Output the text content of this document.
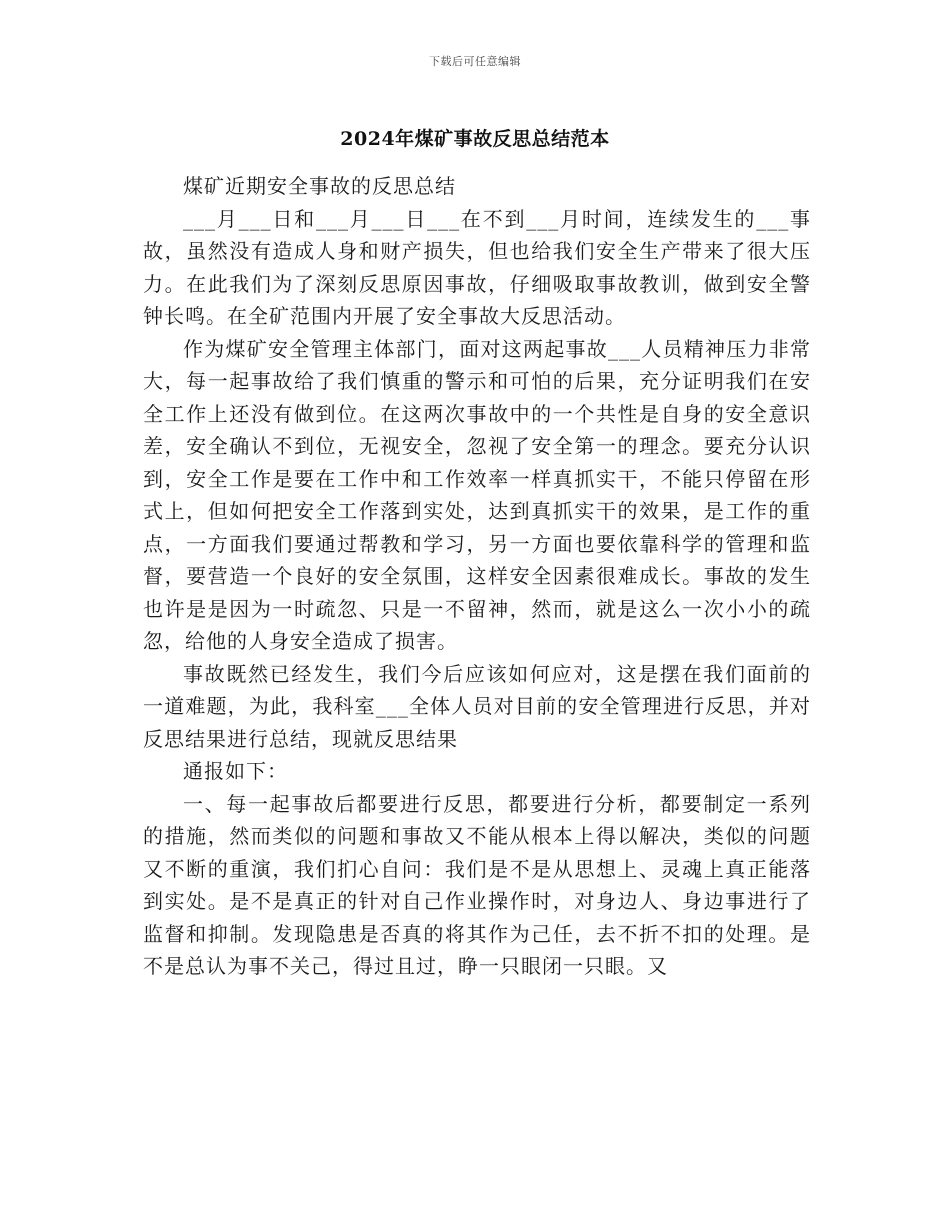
下载后可任意编辑
2024年煤矿事故反思总结范本

煤矿近期安全事故的反思总结

___月___日和___月___日___在不到___月时间，连续发生的___事故，虽然没有造成人身和财产损失，但也给我们安全生产带来了很大压力。在此我们为了深刻反思原因事故，仔细吸取事故教训，做到安全警钟长鸣。在全矿范围内开展了安全事故大反思活动。

作为煤矿安全管理主体部门，面对这两起事故___人员精神压力非常大，每一起事故给了我们慎重的警示和可怕的后果，充分证明我们在安全工作上还没有做到位。在这两次事故中的一个共性是自身的安全意识差，安全确认不到位，无视安全，忽视了安全第一的理念。要充分认识到，安全工作是要在工作中和工作效率一样真抓实干，不能只停留在形式上，但如何把安全工作落到实处，达到真抓实干的效果，是工作的重点，一方面我们要通过帮教和学习，另一方面也要依靠科学的管理和监督，要营造一个良好的安全氛围，这样安全因素很难成长。事故的发生也许是是因为一时疏忽、只是一不留神，然而，就是这么一次小小的疏忽，给他的人身安全造成了损害。

事故既然已经发生，我们今后应该如何应对，这是摆在我们面前的一道难题，为此，我科室___全体人员对目前的安全管理进行反思，并对反思结果进行总结，现就反思结果

通报如下：

一、每一起事故后都要进行反思，都要进行分析，都要制定一系列的措施，然而类似的问题和事故又不能从根本上得以解决，类似的问题又不断的重演，我们扪心自问：我们是不是从思想上、灵魂上真正能落到实处。是不是真正的针对自己作业操作时，对身边人、身边事进行了监督和抑制。发现隐患是否真的将其作为己任，去不折不扣的处理。是不是总认为事不关己，得过且过，睁一只眼闭一只眼。又
